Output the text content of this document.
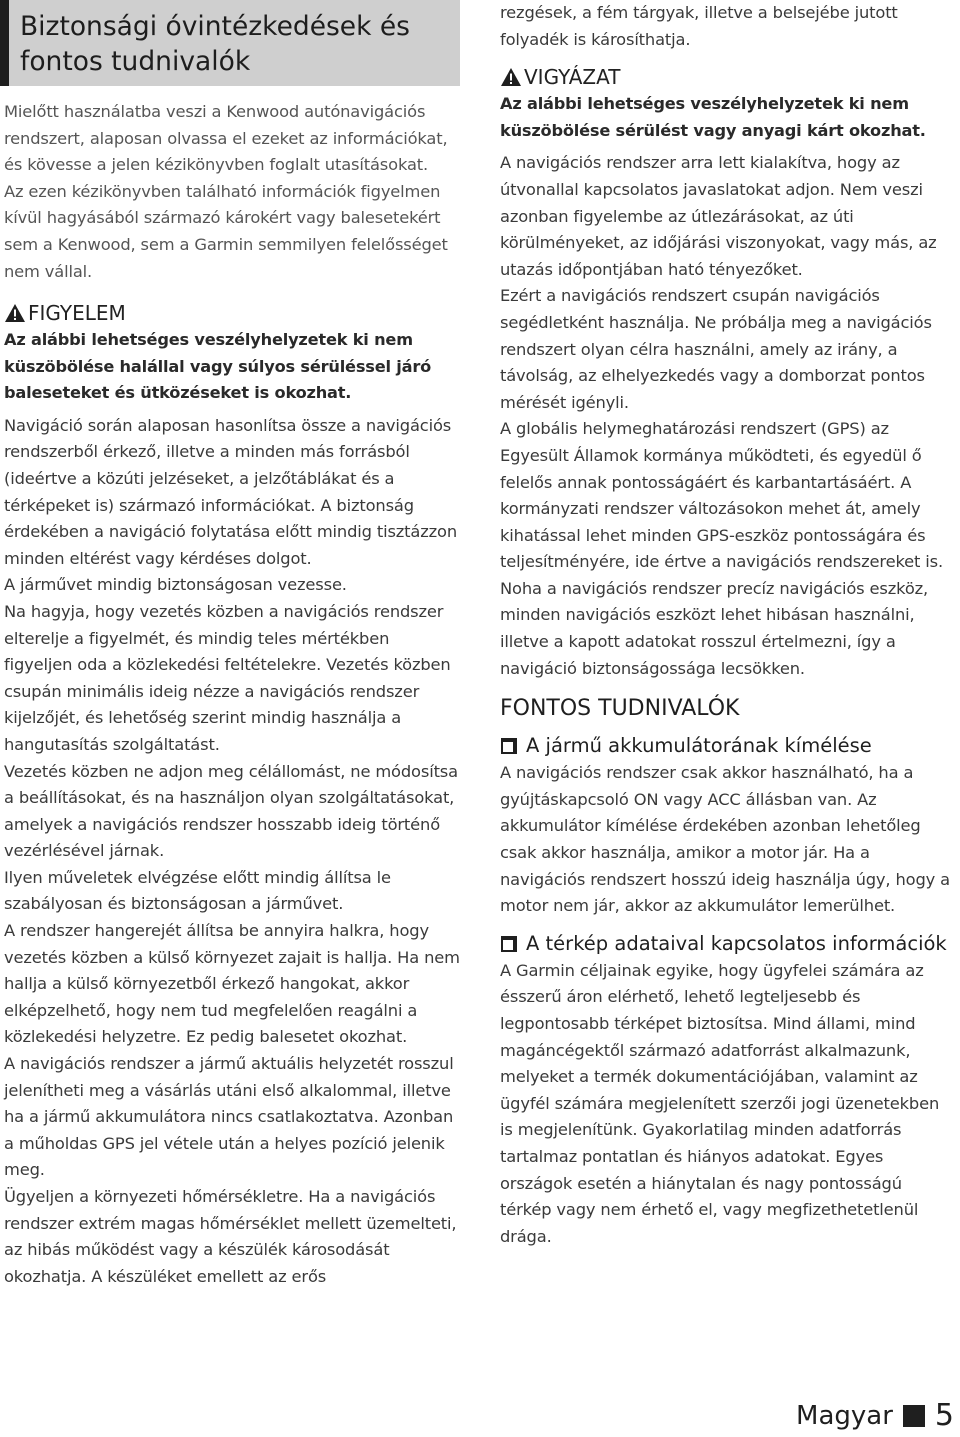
Biztonsági óvintézkedések és fontos tudnivalók

Mielőtt használatba veszi a Kenwood autónavigációs rendszert, alaposan olvassa el ezeket az információkat, és kövesse a jelen kézikönyvben foglalt utasításokat.

Az ezen kézikönyvben található információk figyelmen kívül hagyásából származó károkért vagy balesetekért sem a Kenwood, sem a Garmin semmilyen felelősséget nem vállal.

FIGYELEM

Az alábbi lehetséges veszélyhelyzetek ki nem küszöbölése halállal vagy súlyos sérüléssel járó baleseteket és ütközéseket is okozhat.

Navigáció során alaposan hasonlítsa össze a navigációs rendszerből érkező, illetve a minden más forrásból (ideértve a közúti jelzéseket, a jelzőtáblákat és a térképeket is) származó információkat. A biztonság érdekében a navigáció folytatása előtt mindig tisztázzon minden eltérést vagy kérdéses dolgot.

A járművet mindig biztonságosan vezesse.

Na hagyja, hogy vezetés közben a navigációs rendszer elterelje a figyelmét, és mindig teles mértékben figyeljen oda a közlekedési feltételekre. Vezetés közben csupán minimális ideig nézze a navigációs rendszer kijelzőjét, és lehetőség szerint mindig használja a hangutasítás szolgáltatást.

Vezetés közben ne adjon meg célállomást, ne módosítsa a beállításokat, és na használjon olyan szolgáltatásokat, amelyek a navigációs rendszer hosszabb ideig történő vezérlésével járnak.

Ilyen műveletek elvégzése előtt mindig állítsa le szabályosan és biztonságosan a járművet.

A rendszer hangerejét állítsa be annyira halkra, hogy vezetés közben a külső környezet zajait is hallja. Ha nem hallja a külső környezetből érkező hangokat, akkor elképzelhető, hogy nem tud megfelelően reagálni a közlekedési helyzetre. Ez pedig balesetet okozhat.

A navigációs rendszer a jármű aktuális helyzetét rosszul jelenítheti meg a vásárlás utáni első alkalommal, illetve ha a jármű akkumulátora nincs csatlakoztatva. Azonban a műholdas GPS jel vétele után a helyes pozíció jelenik meg.

Ügyeljen a környezeti hőmérsékletre. Ha a navigációs rendszer extrém magas hőmérséklet mellett üzemelteti, az hibás működést vagy a készülék károsodását okozhatja. A készüléket emellett az erős

rezgések, a fém tárgyak, illetve a belsejébe jutott folyadék is károsíthatja.

VIGYÁZAT

Az alábbi lehetséges veszélyhelyzetek ki nem küszöbölése sérülést vagy anyagi kárt okozhat.

A navigációs rendszer arra lett kialakítva, hogy az útvonallal kapcsolatos javaslatokat adjon. Nem veszi azonban figyelembe az útlezárásokat, az úti körülményeket, az időjárási viszonyokat, vagy más, az utazás időpontjában ható tényezőket.

Ezért a navigációs rendszert csupán navigációs segédletként használja. Ne próbálja meg a navigációs rendszert olyan célra használni, amely az irány, a távolság, az elhelyezkedés vagy a domborzat pontos mérését igényli.

A globális helymeghatározási rendszert (GPS) az Egyesült Államok kormánya működteti, és egyedül ő felelős annak pontosságáért és karbantartásáért. A kormányzati rendszer változásokon mehet át, amely kihatással lehet minden GPS-eszköz pontosságára és teljesítményére, ide értve a navigációs rendszereket is. Noha a navigációs rendszer precíz navigációs eszköz, minden navigációs eszközt lehet hibásan használni, illetve a kapott adatokat rosszul értelmezni, így a navigáció biztonságossága lecsökken.

FONTOS TUDNIVALÓK

A jármű akkumulátorának kímélése

A navigációs rendszer csak akkor használható, ha a gyújtáskapcsoló ON vagy ACC állásban van. Az akkumulátor kímélése érdekében azonban lehetőleg csak akkor használja, amikor a motor jár. Ha a navigációs rendszert hosszú ideig használja úgy, hogy a motor nem jár, akkor az akkumulátor lemerülhet.

A térkép adataival kapcsolatos információk

A Garmin céljainak egyike, hogy ügyfelei számára az ésszerű áron elérhető, lehető legteljesebb és legpontosabb térképet biztosítsa. Mind állami, mind magáncégektől származó adatforrást alkalmazunk, melyeket a termék dokumentációjában, valamint az ügyfél számára megjelenített szerzői jogi üzenetekben is megjelenítünk. Gyakorlatilag minden adatforrás tartalmaz pontatlan és hiányos adatokat. Egyes országok esetén a hiánytalan és nagy pontosságú térkép vagy nem érhető el, vagy megfizethetetlenül drága.

Magyar 5
